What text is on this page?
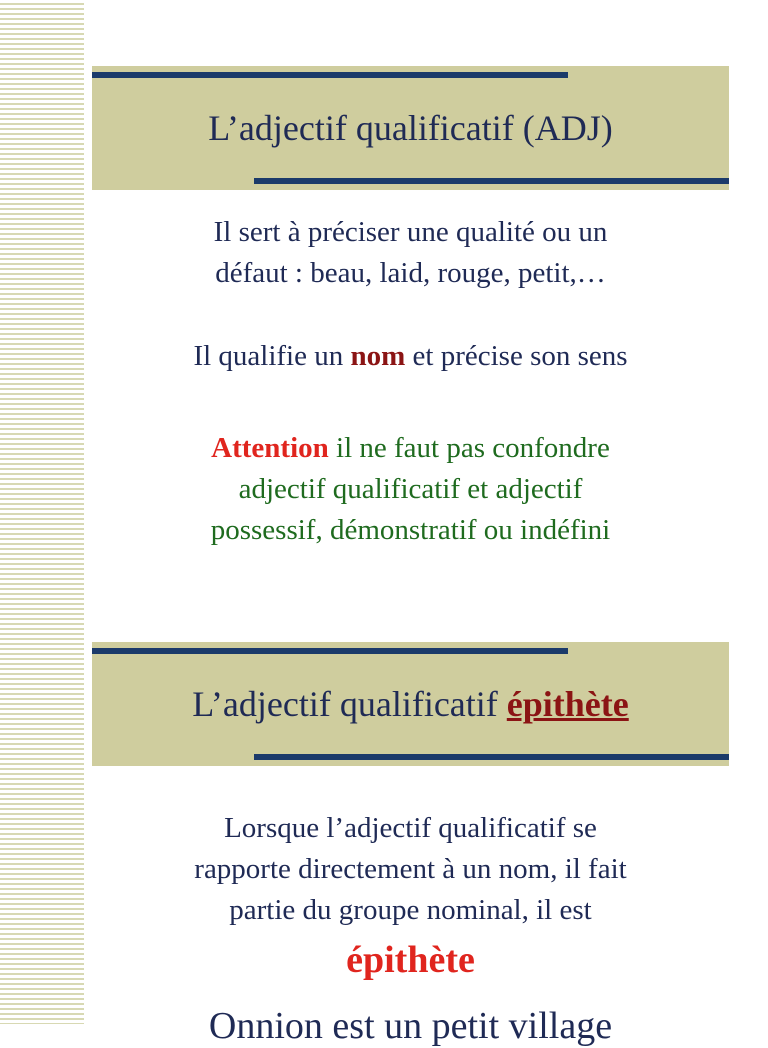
L’adjectif qualificatif (ADJ)

Il sert à préciser une qualité ou un

défaut : beau, laid, rouge, petit,…

Il qualifie un nom et précise son sens

Attention il ne faut pas confondre

adjectif qualificatif et adjectif

possessif, démonstratif ou indéfini

L’adjectif qualificatif épithète

Lorsque l’adjectif qualificatif se

rapporte directement à un nom, il fait

partie du groupe nominal, il est

épithète
Onnion est un petit village
